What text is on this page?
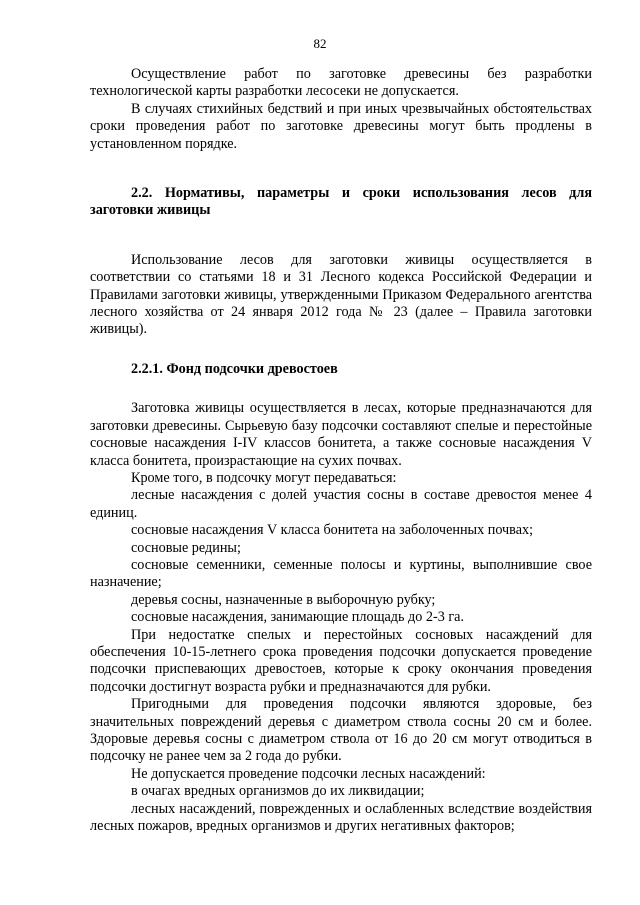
82

Осуществление работ по заготовке древесины без разработки технологической карты разработки лесосеки не допускается.

В случаях стихийных бедствий и при иных чрезвычайных обстоятельствах сроки проведения работ по заготовке древесины могут быть продлены в установленном порядке.

2.2. Нормативы, параметры и сроки использования лесов для заготовки живицы

Использование лесов для заготовки живицы осуществляется в соответствии со статьями 18 и 31 Лесного кодекса Российской Федерации и Правилами заготовки живицы, утвержденными Приказом Федерального агентства лесного хозяйства от 24 января 2012 года № 23 (далее – Правила заготовки живицы).

2.2.1. Фонд подсочки древостоев

Заготовка живицы осуществляется в лесах, которые предназначаются для заготовки древесины. Сырьевую базу подсочки составляют спелые и перестойные сосновые насаждения I-IV классов бонитета, а также сосновые насаждения V класса бонитета, произрастающие на сухих почвах.

Кроме того, в подсочку могут передаваться:

лесные насаждения с долей участия сосны в составе древостоя менее 4 единиц.

сосновые насаждения V класса бонитета на заболоченных почвах;

сосновые редины;

сосновые семенники, семенные полосы и куртины, выполнившие свое назначение;

деревья сосны, назначенные в выборочную рубку;

сосновые насаждения, занимающие площадь до 2-3 га.

При недостатке спелых и перестойных сосновых насаждений для обеспечения 10-15-летнего срока проведения подсочки допускается проведение подсочки приспевающих древостоев, которые к сроку окончания проведения подсочки достигнут возраста рубки и предназначаются для рубки.

Пригодными для проведения подсочки являются здоровые, без значительных повреждений деревья с диаметром ствола сосны 20 см и более. Здоровые деревья сосны с диаметром ствола от 16 до 20 см могут отводиться в подсочку не ранее чем за 2 года до рубки.

Не допускается проведение подсочки лесных насаждений:

в очагах вредных организмов до их ликвидации;

лесных насаждений, поврежденных и ослабленных вследствие воздействия лесных пожаров, вредных организмов и других негативных факторов;
